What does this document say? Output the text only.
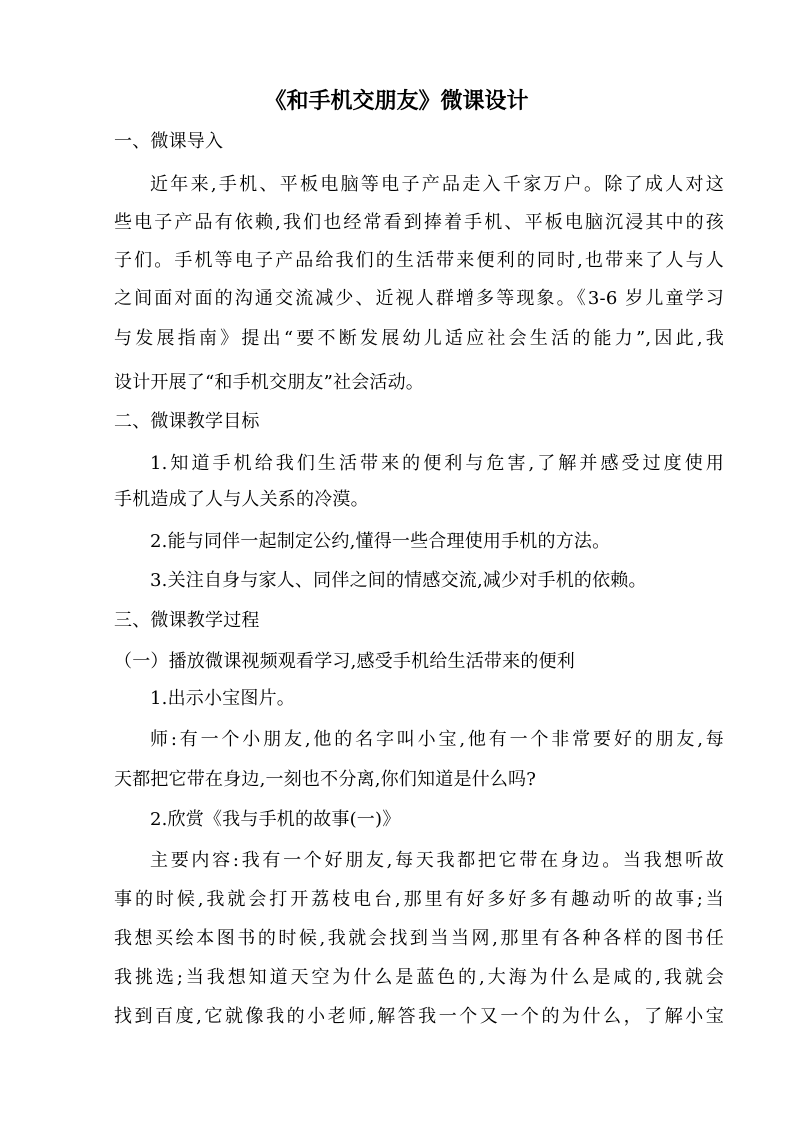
《和手机交朋友》微课设计
一、微课导入
近年来,手机、平板电脑等电子产品走入千家万户。除了成人对这
些电子产品有依赖,我们也经常看到捧着手机、平板电脑沉浸其中的孩
子们。手机等电子产品给我们的生活带来便利的同时,也带来了人与人
之间面对面的沟通交流减少、近视人群增多等现象。《3-6 岁儿童学习
与发展指南》提出“要不断发展幼儿适应社会生活的能力”,因此,我
设计开展了“和手机交朋友”社会活动。
二、微课教学目标
1.知道手机给我们生活带来的便利与危害,了解并感受过度使用
手机造成了人与人关系的冷漠。
2.能与同伴一起制定公约,懂得一些合理使用手机的方法。
3.关注自身与家人、同伴之间的情感交流,减少对手机的依赖。
三、微课教学过程
（一）播放微课视频观看学习,感受手机给生活带来的便利
1.出示小宝图片。
师:有一个小朋友,他的名字叫小宝,他有一个非常要好的朋友,每
天都把它带在身边,一刻也不分离,你们知道是什么吗?
2.欣赏《我与手机的故事(一)》
主要内容:我有一个好朋友,每天我都把它带在身边。当我想听故
事的时候,我就会打开荔枝电台,那里有好多好多有趣动听的故事;当
我想买绘本图书的时候,我就会找到当当网,那里有各种各样的图书任
我挑选;当我想知道天空为什么是蓝色的,大海为什么是咸的,我就会
找到百度,它就像我的小老师,解答我一个又一个的为什么，了解小宝
